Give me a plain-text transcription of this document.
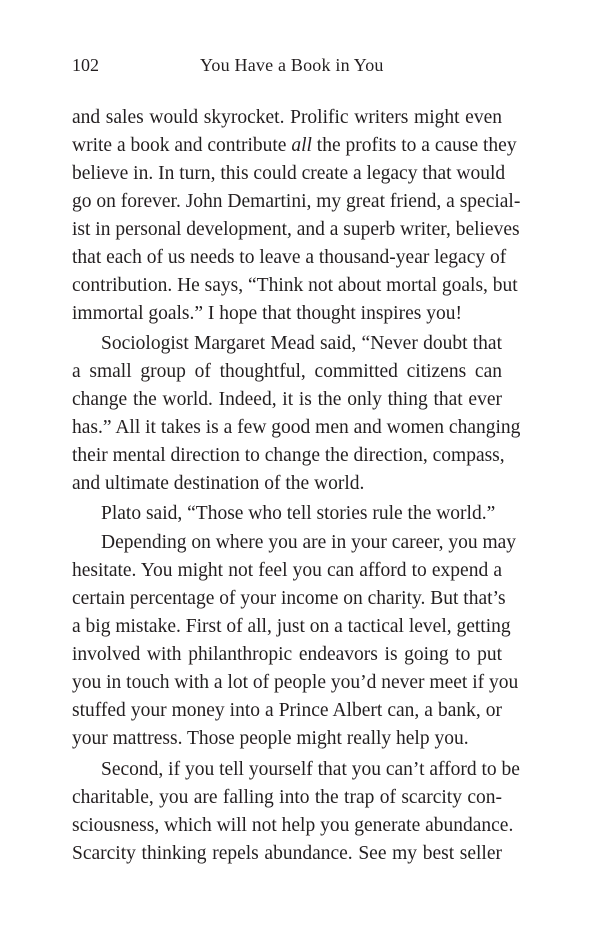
102	You Have a Book in You
and sales would skyrocket. Prolific writers might even
write a book and contribute all the profits to a cause they
believe in. In turn, this could create a legacy that would
go on forever. John Demartini, my great friend, a special-
ist in personal development, and a superb writer, believes
that each of us needs to leave a thousand-year legacy of
contribution. He says, “Think not about mortal goals, but
immortal goals.” I hope that thought inspires you!
Sociologist Margaret Mead said, “Never doubt that
a small group of thoughtful, committed citizens can
change the world. Indeed, it is the only thing that ever
has.” All it takes is a few good men and women changing
their mental direction to change the direction, compass,
and ultimate destination of the world.
Plato said, “Those who tell stories rule the world.”
Depending on where you are in your career, you may
hesitate. You might not feel you can afford to expend a
certain percentage of your income on charity. But that’s
a big mistake. First of all, just on a tactical level, getting
involved with philanthropic endeavors is going to put
you in touch with a lot of people you’d never meet if you
stuffed your money into a Prince Albert can, a bank, or
your mattress. Those people might really help you.
Second, if you tell yourself that you can’t afford to be
charitable, you are falling into the trap of scarcity con-
sciousness, which will not help you generate abundance.
Scarcity thinking repels abundance. See my best seller
